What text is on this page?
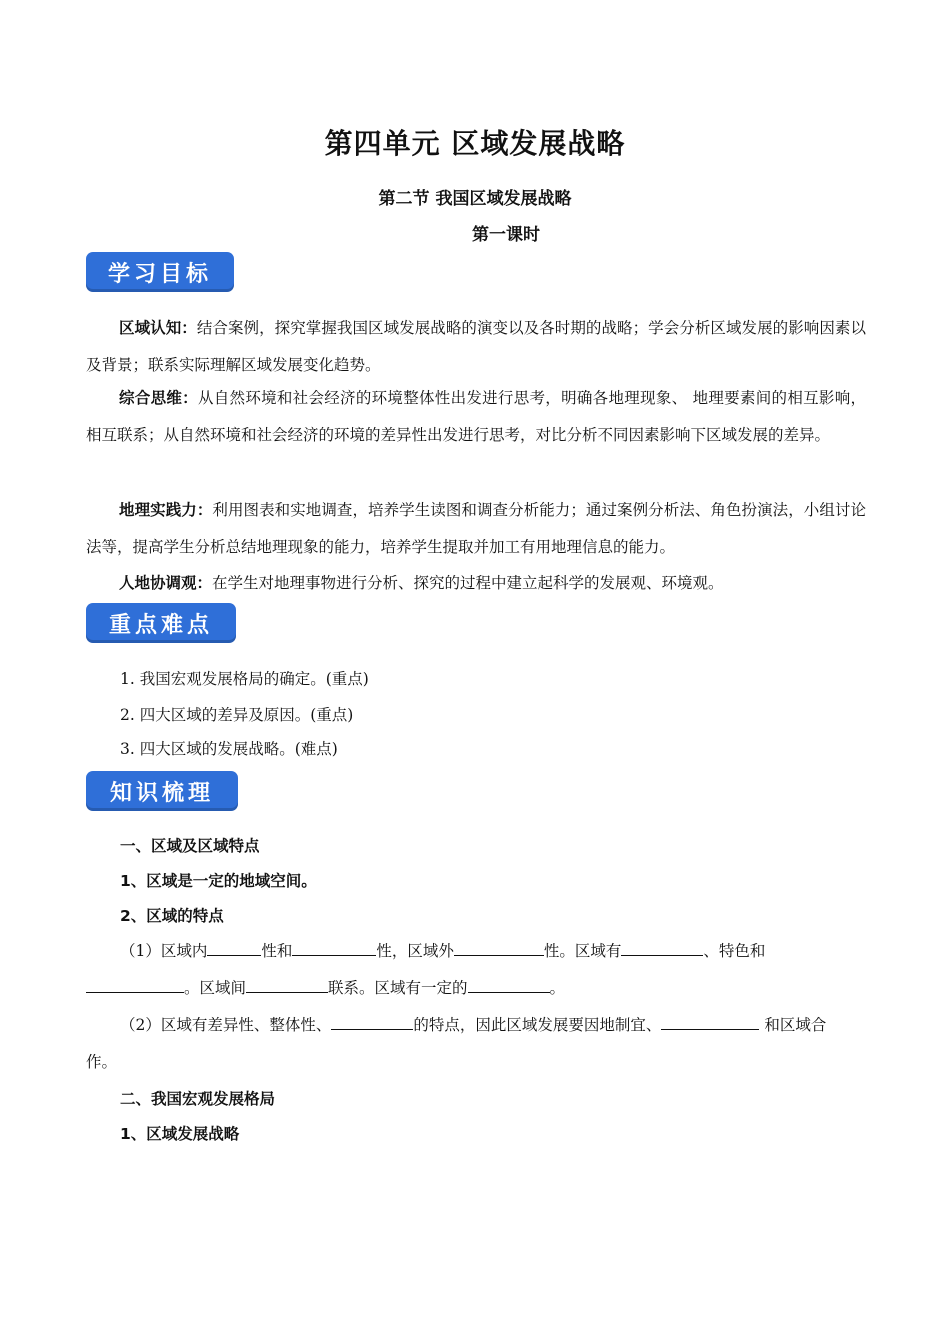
第四单元 区域发展战略
第二节 我国区域发展战略
第一课时
学习目标
区域认知：结合案例，探究掌握我国区域发展战略的演变以及各时期的战略；学会分析区域发展的影响因素以及背景；联系实际理解区域发展变化趋势。
综合思维：从自然环境和社会经济的环境整体性出发进行思考，明确各地理现象、 地理要素间的相互影响，相互联系；从自然环境和社会经济的环境的差异性出发进行思考，对比分析不同因素影响下区域发展的差异。
地理实践力：利用图表和实地调查，培养学生读图和调查分析能力；通过案例分析法、角色扮演法，小组讨论法等，提高学生分析总结地理现象的能力，培养学生提取并加工有用地理信息的能力。
人地协调观：在学生对地理事物进行分析、探究的过程中建立起科学的发展观、环境观。
重点难点
1. 我国宏观发展格局的确定。(重点)
2. 四大区域的差异及原因。(重点)
3. 四大区域的发展战略。(难点)
知识梳理
一、区域及区域特点
1、区域是一定的地域空间。
2、区域的特点
（1）区域内	性和	性，区域外	性。区域有	、特色和
。区域间	联系。区域有一定的	。
（2）区域有差异性、整体性、	的特点，因此区域发展要因地制宜、	和区域合
作。
二、我国宏观发展格局
1、区域发展战略
